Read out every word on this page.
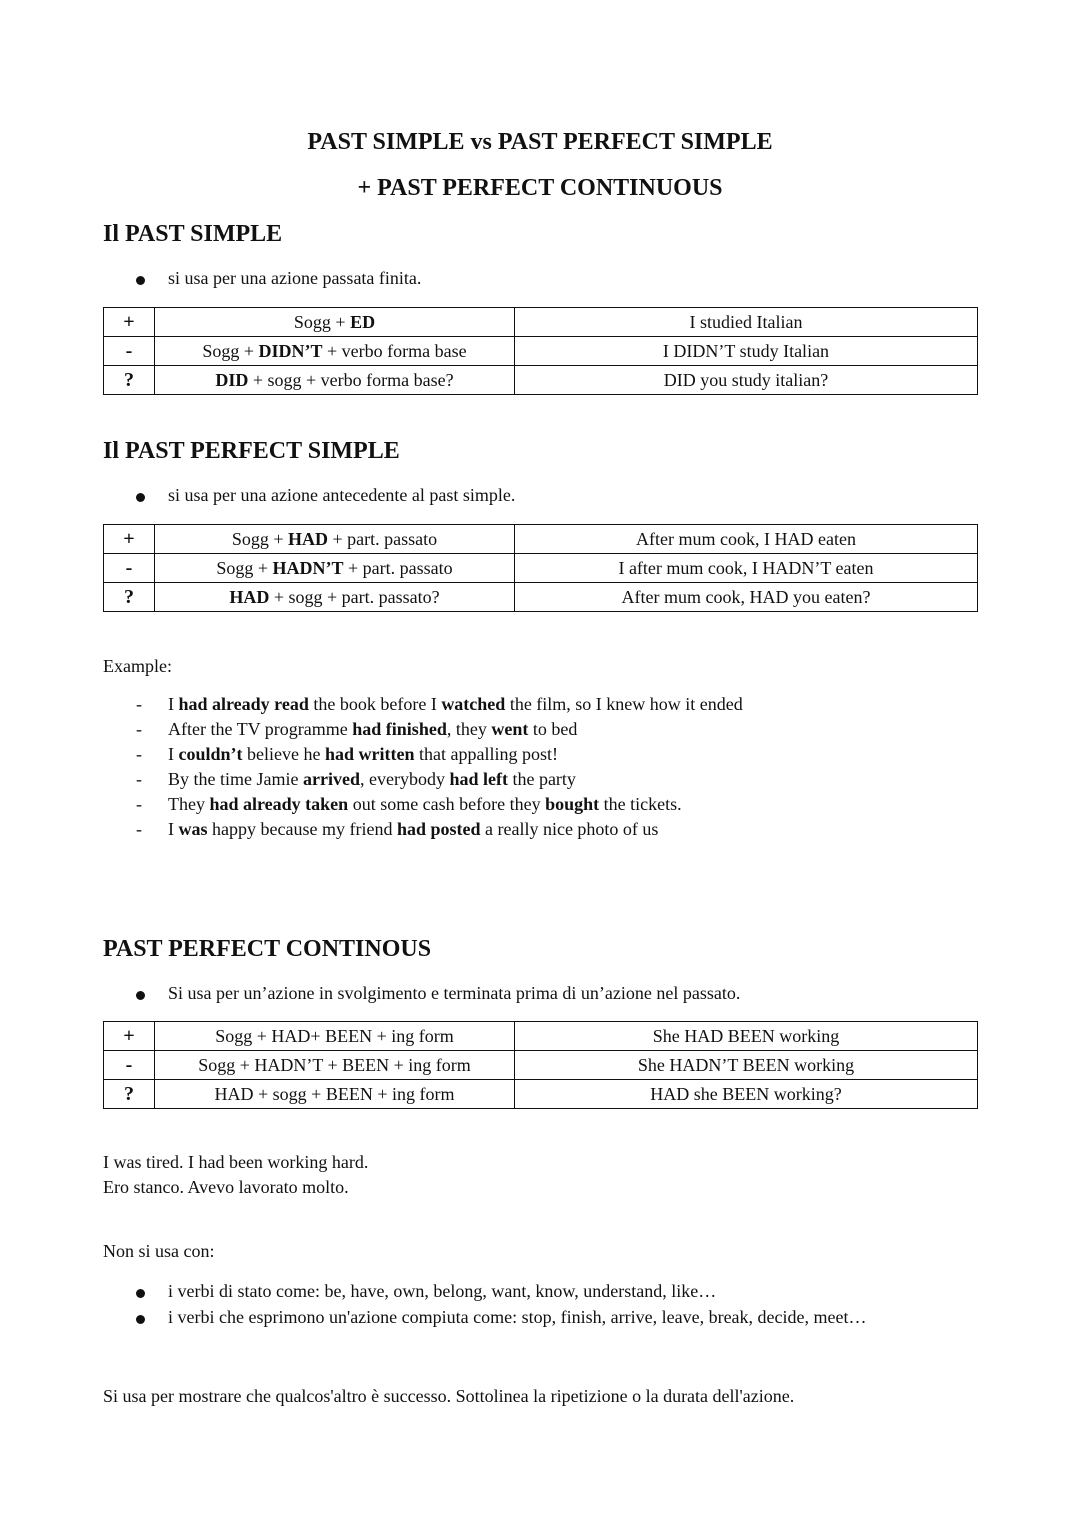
PAST SIMPLE vs PAST PERFECT SIMPLE
+ PAST PERFECT CONTINUOUS
Il PAST SIMPLE
si usa per una azione passata finita.
+	Sogg + ED	I studied Italian
-	Sogg + DIDN’T + verbo forma base	I DIDN’T study Italian
?	DID + sogg + verbo forma base?	DID you study italian?
Il PAST PERFECT SIMPLE
si usa per una azione antecedente al past simple.
+	Sogg + HAD + part. passato	After mum cook, I HAD eaten
-	Sogg + HADN’T + part. passato	I after mum cook, I HADN’T eaten
?	HAD + sogg + part. passato?	After mum cook, HAD you eaten?
Example:
- I had already read the book before I watched the film, so I knew how it ended
- After the TV programme had finished, they went to bed
- I couldn’t believe he had written that appalling post!
- By the time Jamie arrived, everybody had left the party
- They had already taken out some cash before they bought the tickets.
- I was happy because my friend had posted a really nice photo of us
PAST PERFECT CONTINOUS
Si usa per un’azione in svolgimento e terminata prima di un’azione nel passato.
+	Sogg + HAD+ BEEN + ing form	She HAD BEEN working
-	Sogg + HADN’T + BEEN + ing form	She HADN’T BEEN working
?	HAD + sogg + BEEN + ing form	HAD she BEEN working?
I was tired. I had been working hard.
Ero stanco. Avevo lavorato molto.
Non si usa con:
i verbi di stato come: be, have, own, belong, want, know, understand, like…
i verbi che esprimono un'azione compiuta come: stop, finish, arrive, leave, break, decide, meet…
Si usa per mostrare che qualcos'altro è successo. Sottolinea la ripetizione o la durata dell'azione.
